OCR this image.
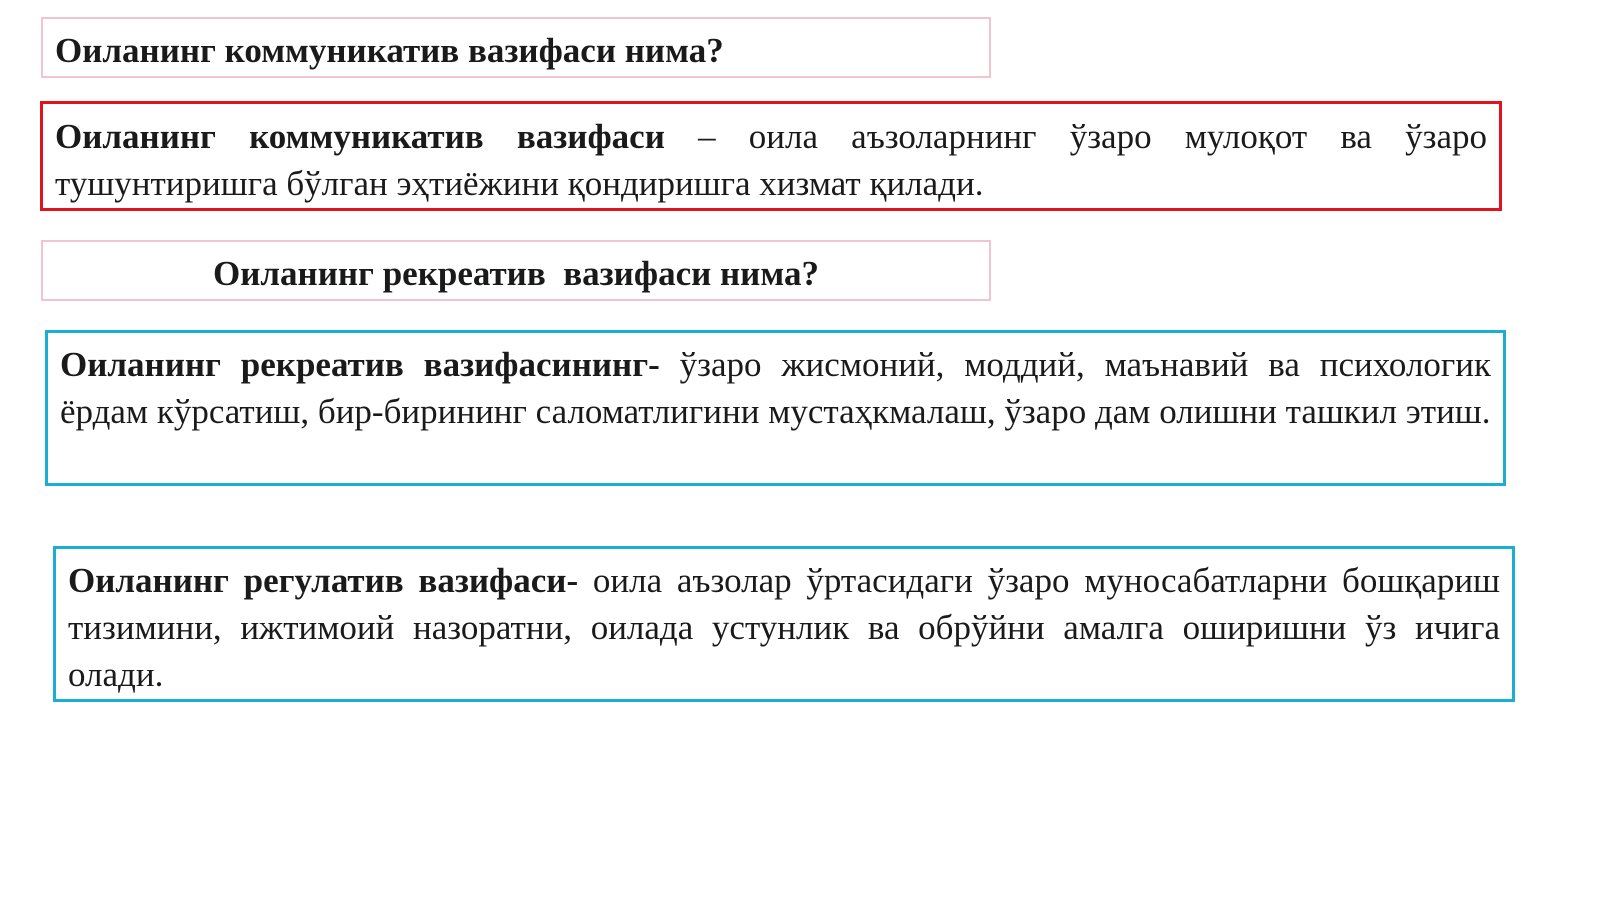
Оиланинг коммуникатив вазифаси нима?
Оиланинг коммуникатив вазифаси – оила аъзоларнинг ўзаро мулоқот ва ўзаро тушунтиришга бўлган эҳтиёжини қондиришга хизмат қилади.
Оиланинг рекреатив  вазифаси нима?
Оиланинг рекреатив вазифасининг- ўзаро жисмоний, моддий, маънавий ва психологик ёрдам кўрсатиш, бир-бирининг саломатлигини мустаҳкмалаш, ўзаро дам олишни ташкил этиш.
Оиланинг регулатив вазифаси- оила аъзолар ўртасидаги ўзаро муносабатларни бошқариш тизимини, ижтимоий назоратни, оилада устунлик ва обрўйни амалга оширишни ўз ичига олади.
